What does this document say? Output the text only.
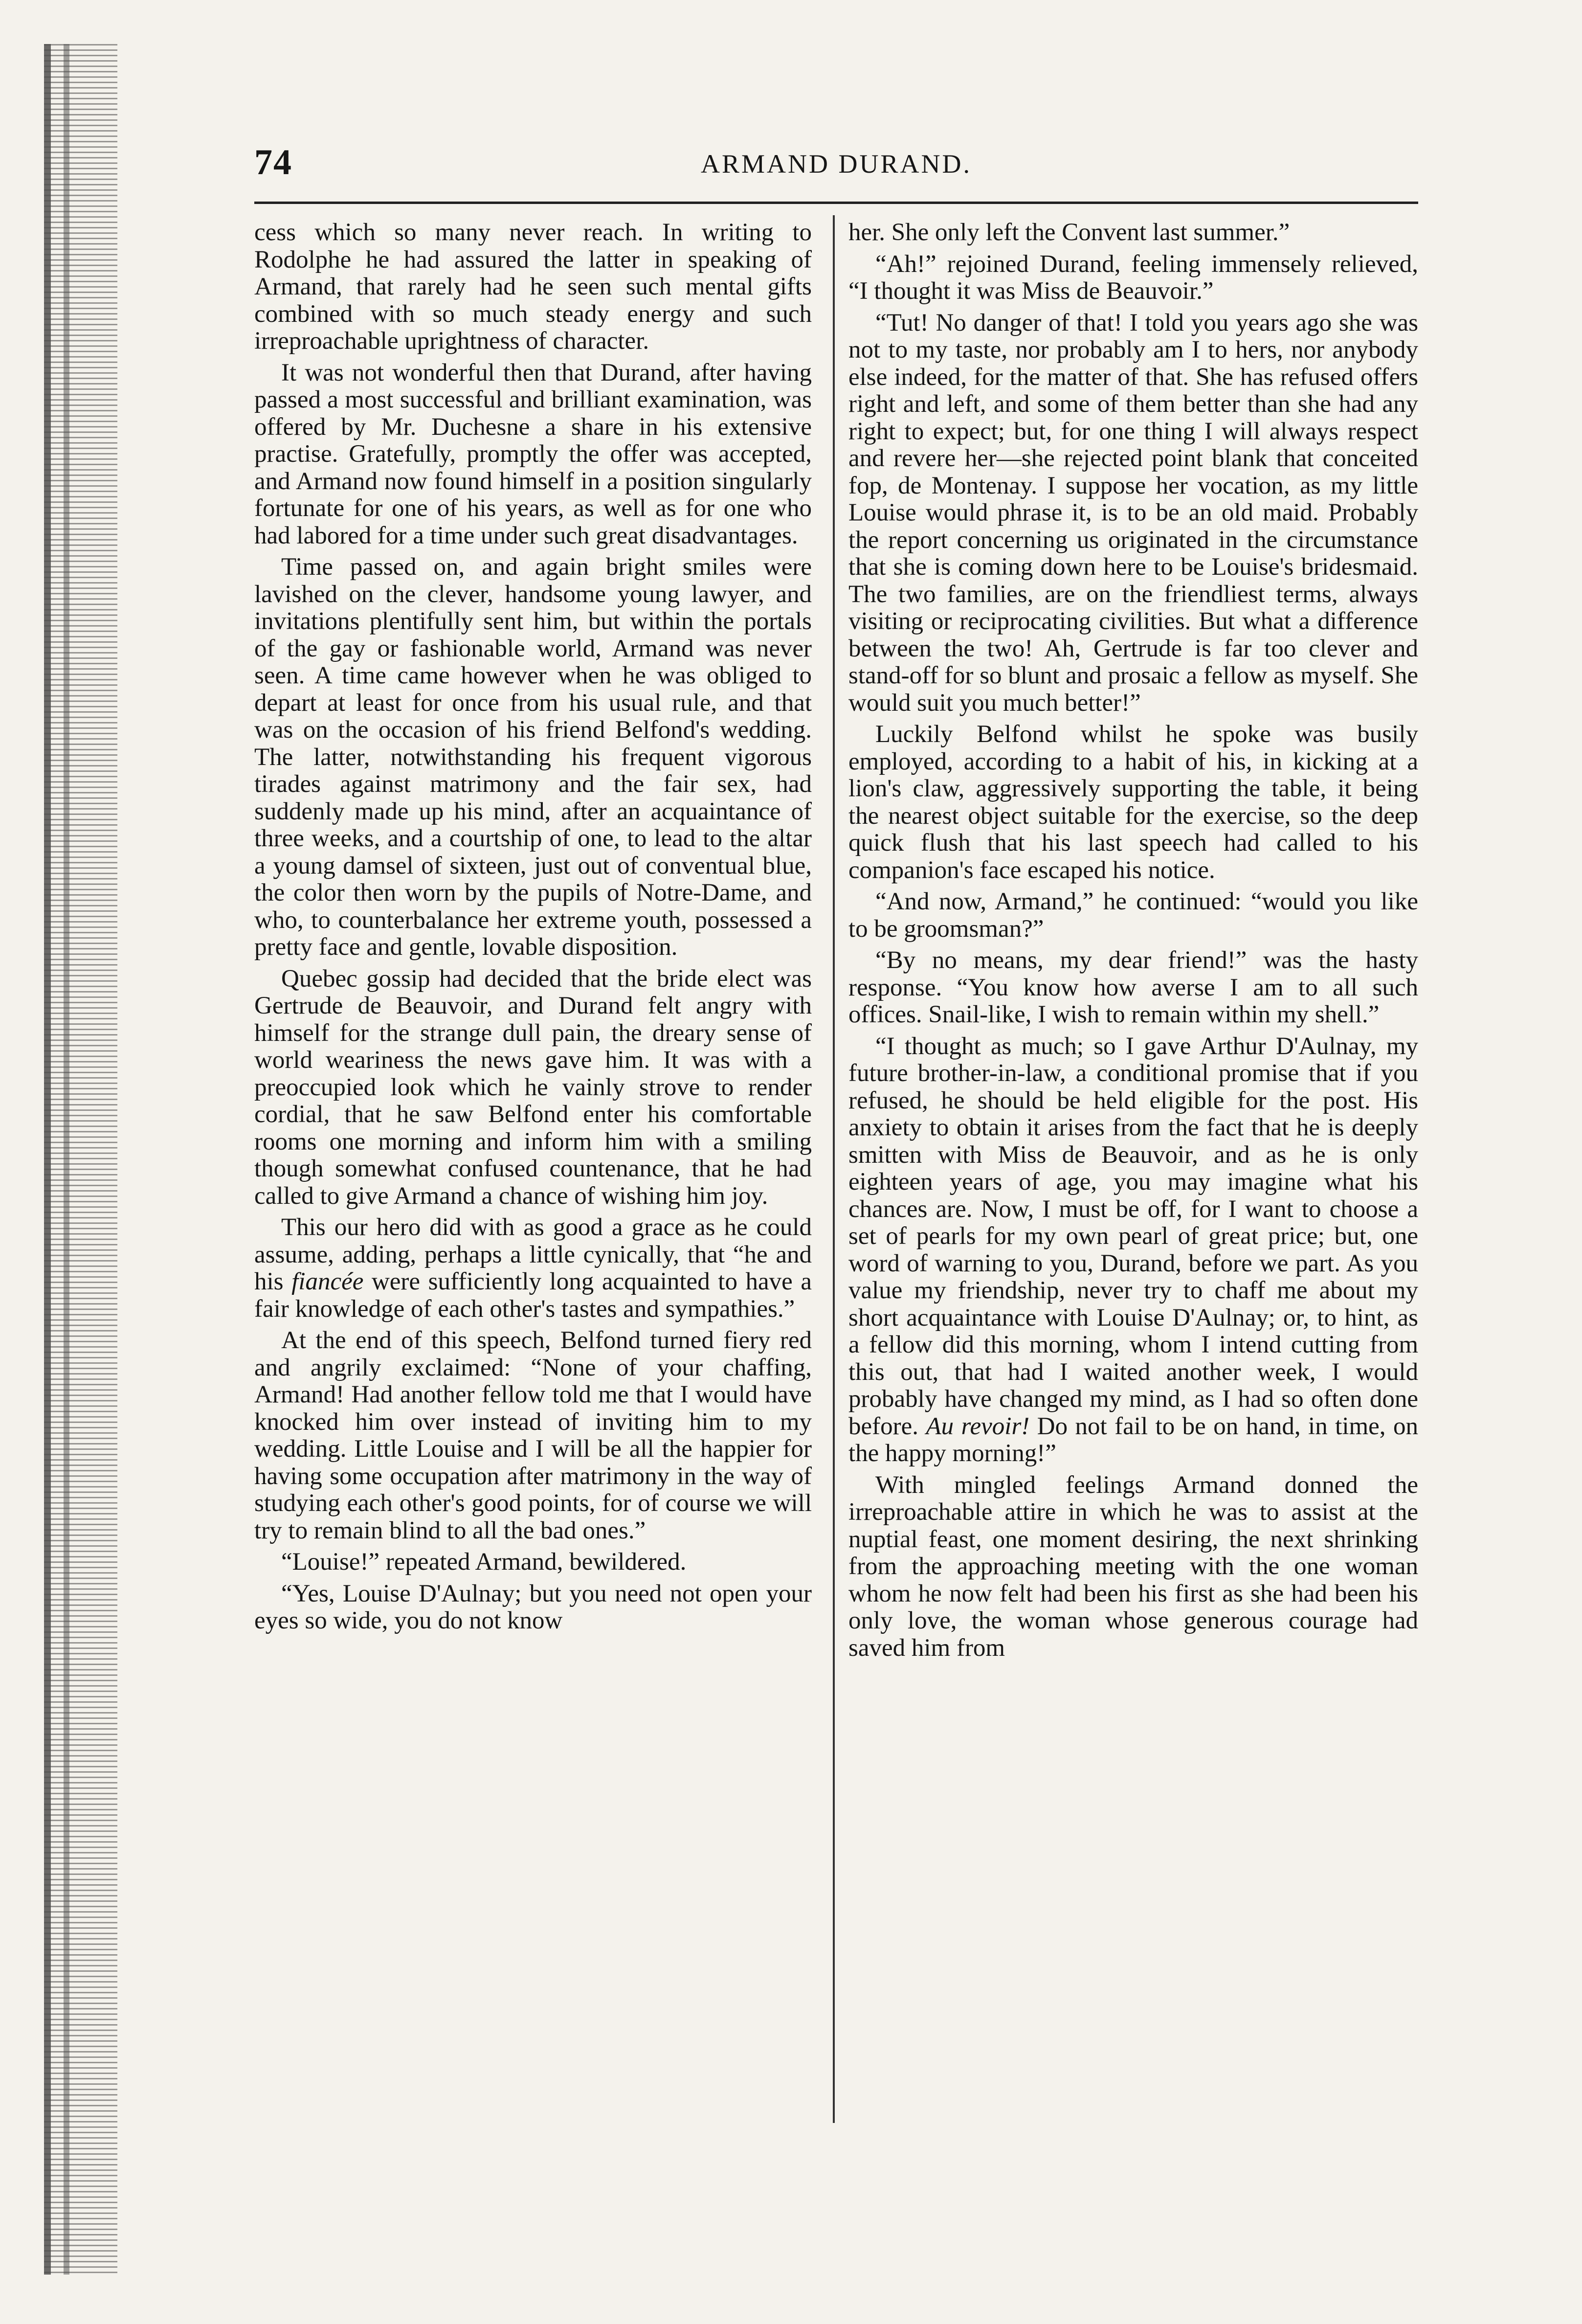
74	ARMAND DURAND.

cess which so many never reach. In writing to Rodolphe he had assured the latter in speaking of Armand, that rarely had he seen such mental gifts combined with so much steady energy and such irreproachable uprightness of character.

It was not wonderful then that Durand, after having passed a most successful and brilliant examination, was offered by Mr. Duchesne a share in his extensive practise. Gratefully, promptly the offer was accepted, and Armand now found himself in a position singularly fortunate for one of his years, as well as for one who had labored for a time under such great disadvantages.

Time passed on, and again bright smiles were lavished on the clever, handsome young lawyer, and invitations plentifully sent him, but within the portals of the gay or fashionable world, Armand was never seen. A time came however when he was obliged to depart at least for once from his usual rule, and that was on the occasion of his friend Belfond's wedding. The latter, notwithstanding his frequent vigorous tirades against matrimony and the fair sex, had suddenly made up his mind, after an acquaintance of three weeks, and a courtship of one, to lead to the altar a young damsel of sixteen, just out of conventual blue, the color then worn by the pupils of Notre-Dame, and who, to counterbalance her extreme youth, possessed a pretty face and gentle, lovable disposition.

Quebec gossip had decided that the bride elect was Gertrude de Beauvoir, and Durand felt angry with himself for the strange dull pain, the dreary sense of world weariness the news gave him. It was with a preoccupied look which he vainly strove to render cordial, that he saw Belfond enter his comfortable rooms one morning and inform him with a smiling though somewhat confused countenance, that he had called to give Armand a chance of wishing him joy.

This our hero did with as good a grace as he could assume, adding, perhaps a little cynically, that “he and his fiancée were sufficiently long acquainted to have a fair knowledge of each other's tastes and sympathies.”

At the end of this speech, Belfond turned fiery red and angrily exclaimed: “None of your chaffing, Armand! Had another fellow told me that I would have knocked him over instead of inviting him to my wedding. Little Louise and I will be all the happier for having some occupation after matrimony in the way of studying each other's good points, for of course we will try to remain blind to all the bad ones.”

“Louise!” repeated Armand, bewildered.

“Yes, Louise D'Aulnay; but you need not open your eyes so wide, you do not know

her. She only left the Convent last summer.”

“Ah!” rejoined Durand, feeling immensely relieved, “I thought it was Miss de Beauvoir.”

“Tut! No danger of that! I told you years ago she was not to my taste, nor probably am I to hers, nor anybody else indeed, for the matter of that. She has refused offers right and left, and some of them better than she had any right to expect; but, for one thing I will always respect and revere her—she rejected point blank that conceited fop, de Montenay. I suppose her vocation, as my little Louise would phrase it, is to be an old maid. Probably the report concerning us originated in the circumstance that she is coming down here to be Louise's bridesmaid. The two families, are on the friendliest terms, always visiting or reciprocating civilities. But what a difference between the two! Ah, Gertrude is far too clever and stand-off for so blunt and prosaic a fellow as myself. She would suit you much better!”

Luckily Belfond whilst he spoke was busily employed, according to a habit of his, in kicking at a lion's claw, aggressively supporting the table, it being the nearest object suitable for the exercise, so the deep quick flush that his last speech had called to his companion's face escaped his notice.

“And now, Armand,” he continued: “would you like to be groomsman?”

“By no means, my dear friend!” was the hasty response. “You know how averse I am to all such offices. Snail-like, I wish to remain within my shell.”

“I thought as much; so I gave Arthur D'Aulnay, my future brother-in-law, a conditional promise that if you refused, he should be held eligible for the post. His anxiety to obtain it arises from the fact that he is deeply smitten with Miss de Beauvoir, and as he is only eighteen years of age, you may imagine what his chances are. Now, I must be off, for I want to choose a set of pearls for my own pearl of great price; but, one word of warning to you, Durand, before we part. As you value my friendship, never try to chaff me about my short acquaintance with Louise D'Aulnay; or, to hint, as a fellow did this morning, whom I intend cutting from this out, that had I waited another week, I would probably have changed my mind, as I had so often done before. Au revoir! Do not fail to be on hand, in time, on the happy morning!”

With mingled feelings Armand donned the irreproachable attire in which he was to assist at the nuptial feast, one moment desiring, the next shrinking from the approaching meeting with the one woman whom he now felt had been his first as she had been his only love, the woman whose generous courage had saved him from
